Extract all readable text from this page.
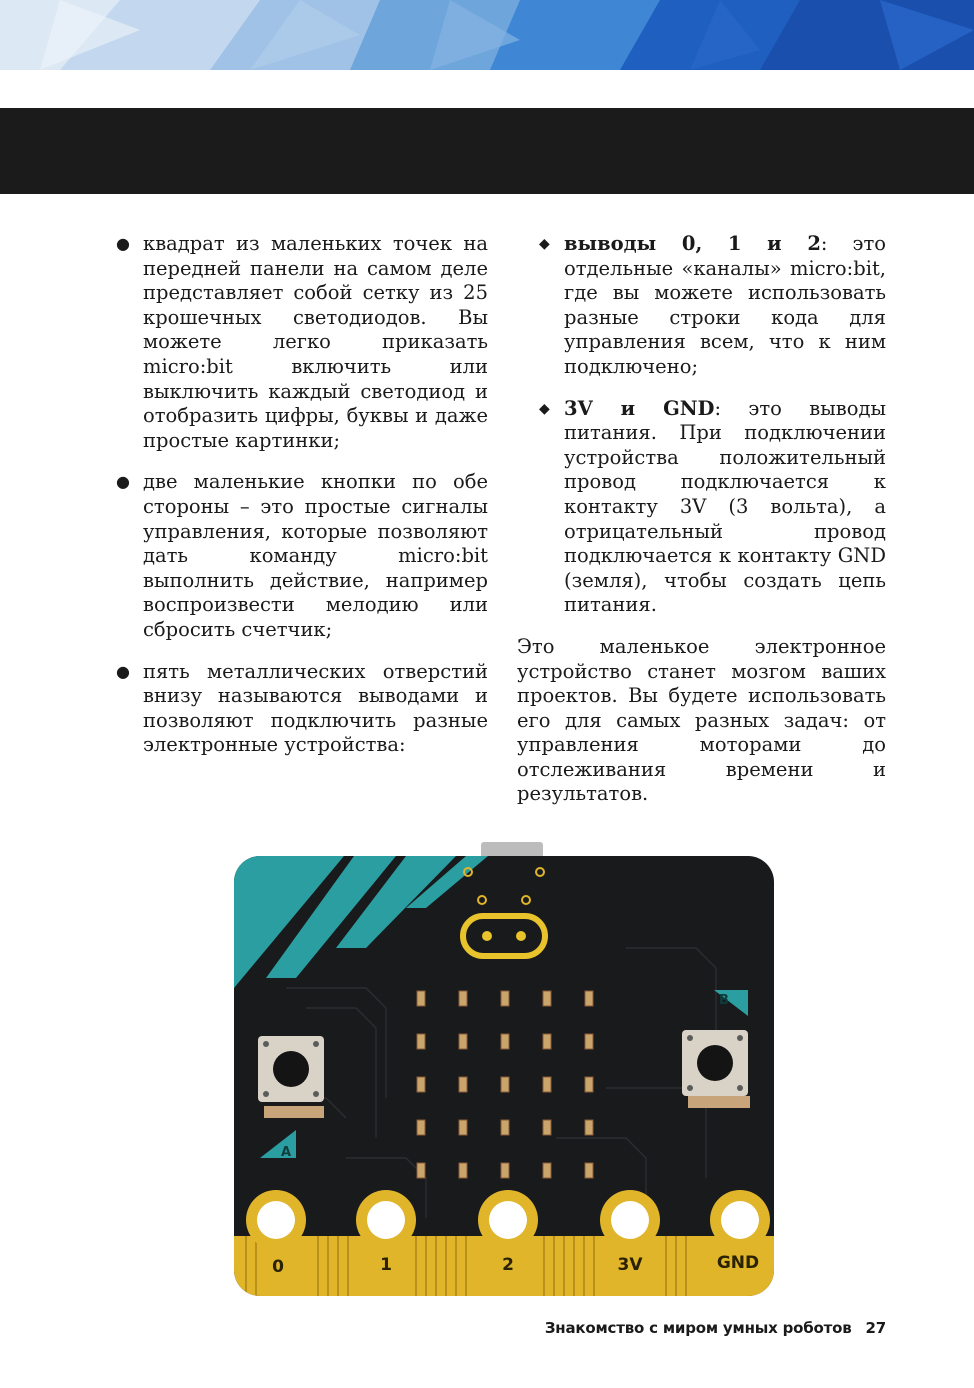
● квадрат из маленьких точек на передней панели на самом деле представляет собой сетку из 25 крошечных светодиодов. Вы можете легко приказать micro:bit включить или выключить каждый светодиод и отобразить цифры, буквы и даже простые картинки;
● две маленькие кнопки по обе стороны – это простые сигналы управления, которые позволяют дать команду micro:bit выполнить действие, например воспроизвести мелодию или сбросить счетчик;
● пять металлических отверстий внизу называются выводами и позволяют подключить разные электронные устройства:
◆ выводы 0, 1 и 2: это отдельные «каналы» micro:bit, где вы можете использовать разные строки кода для управления всем, что к ним подключено;
◆ 3V и GND: это выводы питания. При подключении устройства положительный провод подключается к контакту 3V (3 вольта), а отрицательный провод подключается к контакту GND (земля), чтобы создать цепь питания.

Это маленькое электронное устройство станет мозгом ваших проектов. Вы будете использовать его для самых разных задач: от управления моторами до отслеживания времени и результатов.

0	1	2	3V	GND
A
B
Знакомство с миром умных роботов 27
